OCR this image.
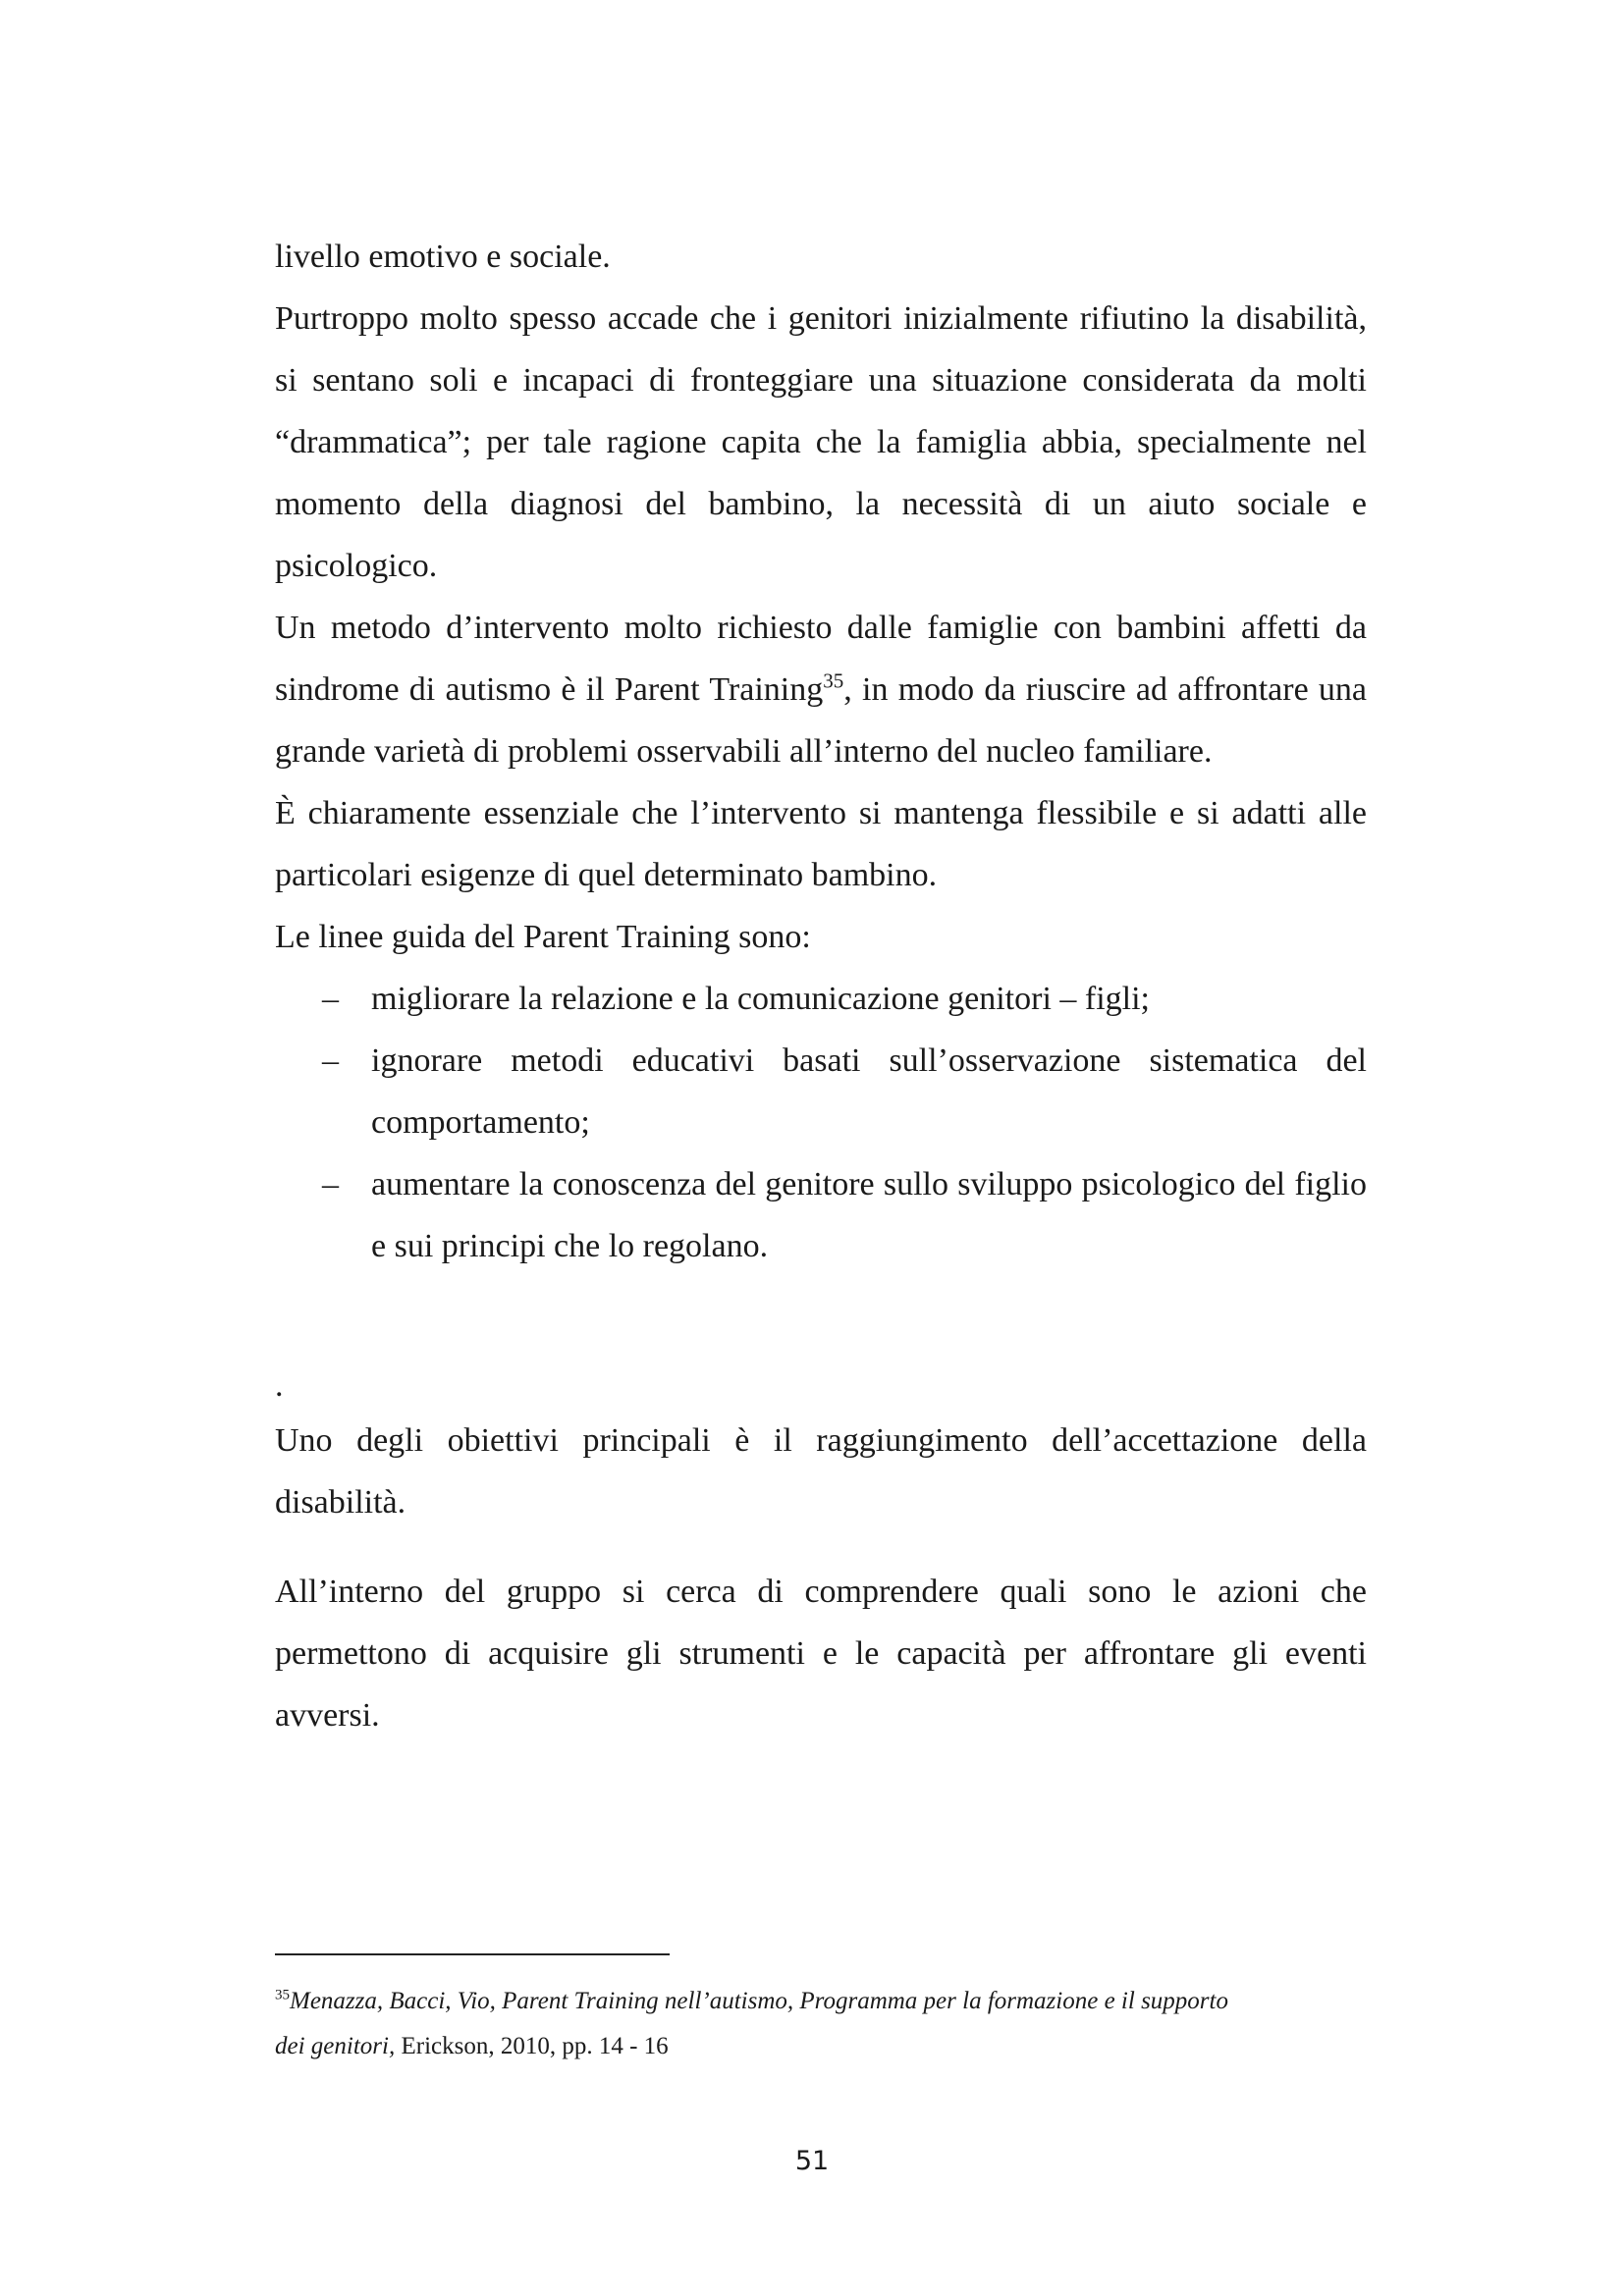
livello emotivo e sociale.

Purtroppo molto spesso accade che i genitori inizialmente rifiutino la disabilità, si sentano soli e incapaci di fronteggiare una situazione considerata da molti “drammatica”; per tale ragione capita che la famiglia abbia, specialmente nel momento della diagnosi del bambino, la necessità di un aiuto sociale e psicologico.

Un metodo d’intervento molto richiesto dalle famiglie con bambini affetti da sindrome di autismo è il Parent Training$^{35}$, in modo da riuscire ad affrontare una grande varietà di problemi osservabili all’interno del nucleo familiare.

È chiaramente essenziale che l’intervento si mantenga flessibile e si adatti alle particolari esigenze di quel determinato bambino.

Le linee guida del Parent Training sono:

– migliorare la relazione e la comunicazione genitori – figli;
– ignorare metodi educativi basati sull’osservazione sistematica del comportamento;
– aumentare la conoscenza del genitore sullo sviluppo psicologico del figlio e sui principi che lo regolano.
.
Uno degli obiettivi principali è il raggiungimento dell’accettazione della disabilità.
All’interno del gruppo si cerca di comprendere quali sono le azioni che permettono di acquisire gli strumenti e le capacità per affrontare gli eventi avversi.
$^{35}$Menazza, Bacci, Vio, Parent Training nell’autismo, Programma per la formazione e il supporto
dei genitori, Erickson, 2010, pp. 14 - 16
51
